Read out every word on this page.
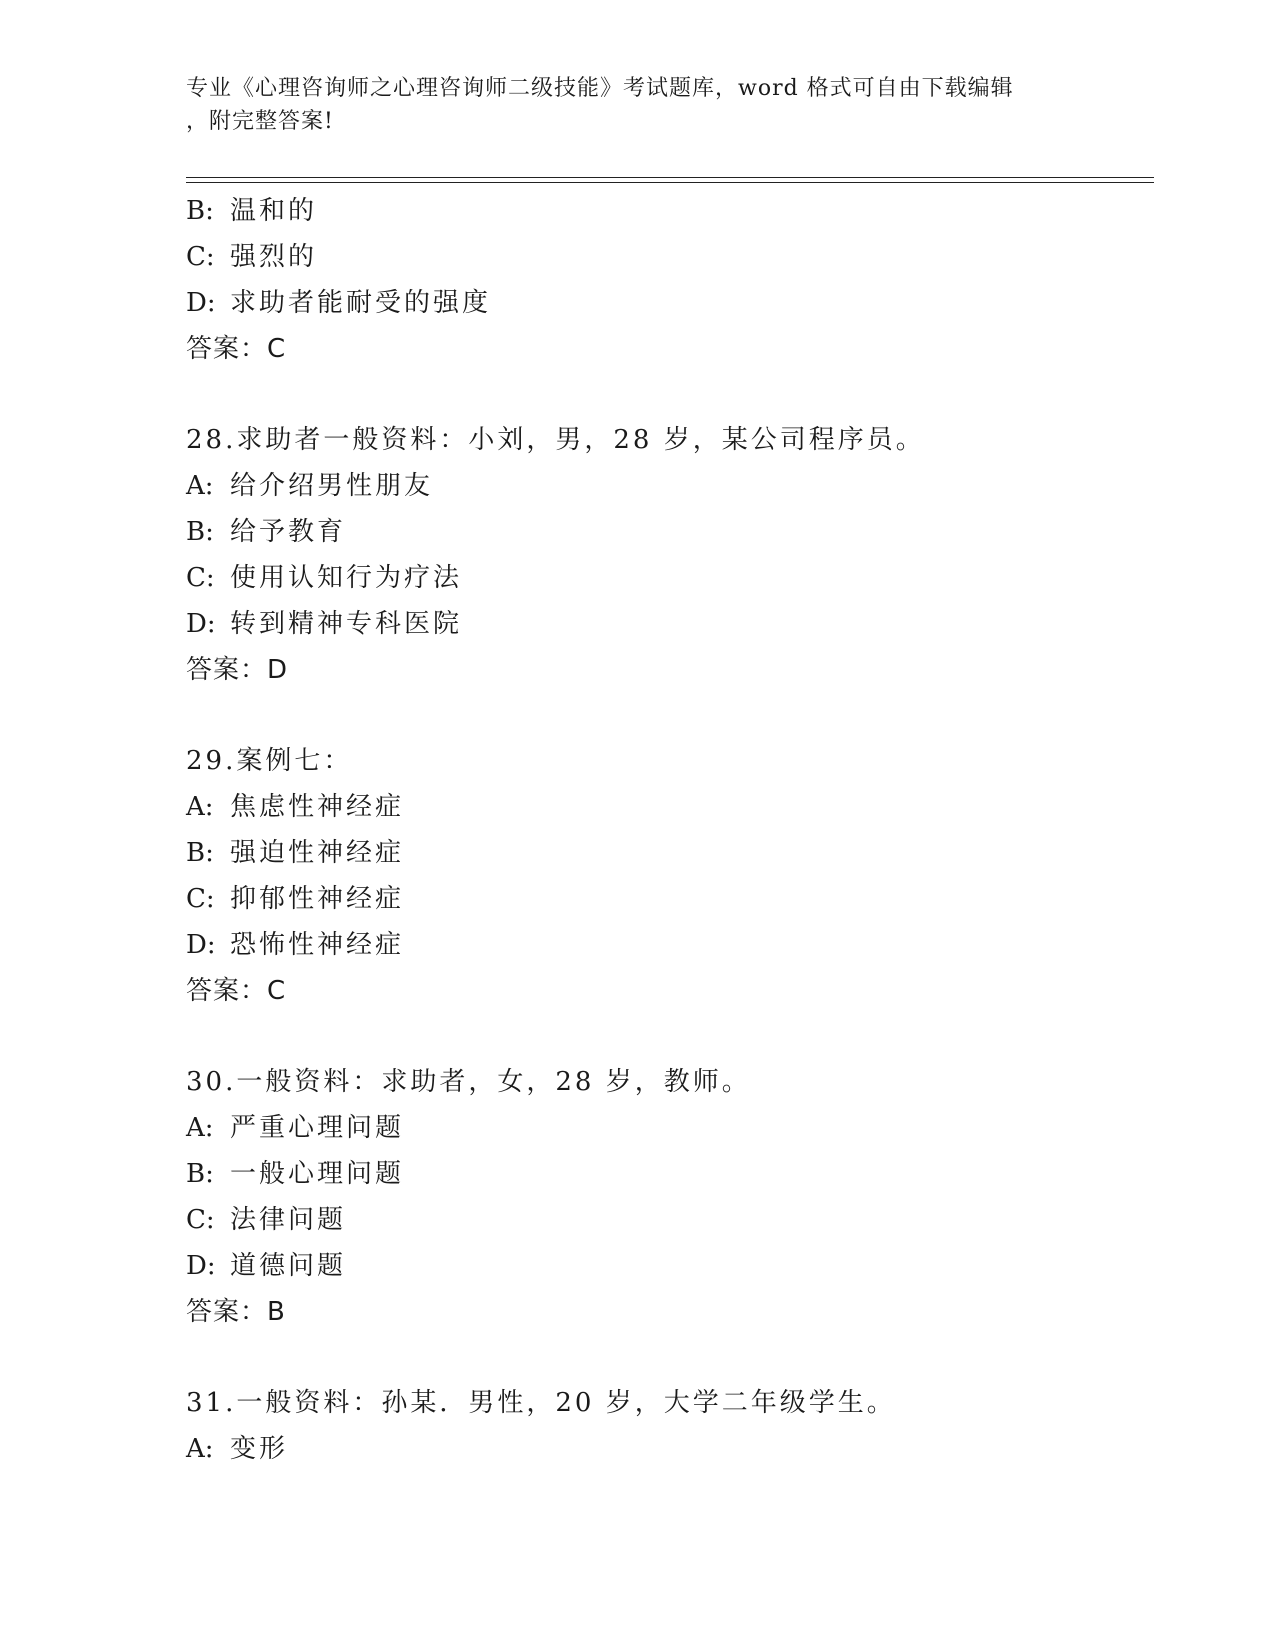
专业《心理咨询师之心理咨询师二级技能》考试题库，word 格式可自由下载编辑
，附完整答案!
B: 温和的
C: 强烈的
D: 求助者能耐受的强度
答案：C
28.求助者一般资料：小刘，男，28 岁，某公司程序员。
A: 给介绍男性朋友
B: 给予教育
C: 使用认知行为疗法
D: 转到精神专科医院
答案：D
29.案例七：
A: 焦虑性神经症
B: 强迫性神经症
C: 抑郁性神经症
D: 恐怖性神经症
答案：C
30.一般资料：求助者，女，28 岁，教师。
A: 严重心理问题
B: 一般心理问题
C: 法律问题
D: 道德问题
答案：B
31.一般资料：孙某．男性，20 岁，大学二年级学生。
A: 变形
